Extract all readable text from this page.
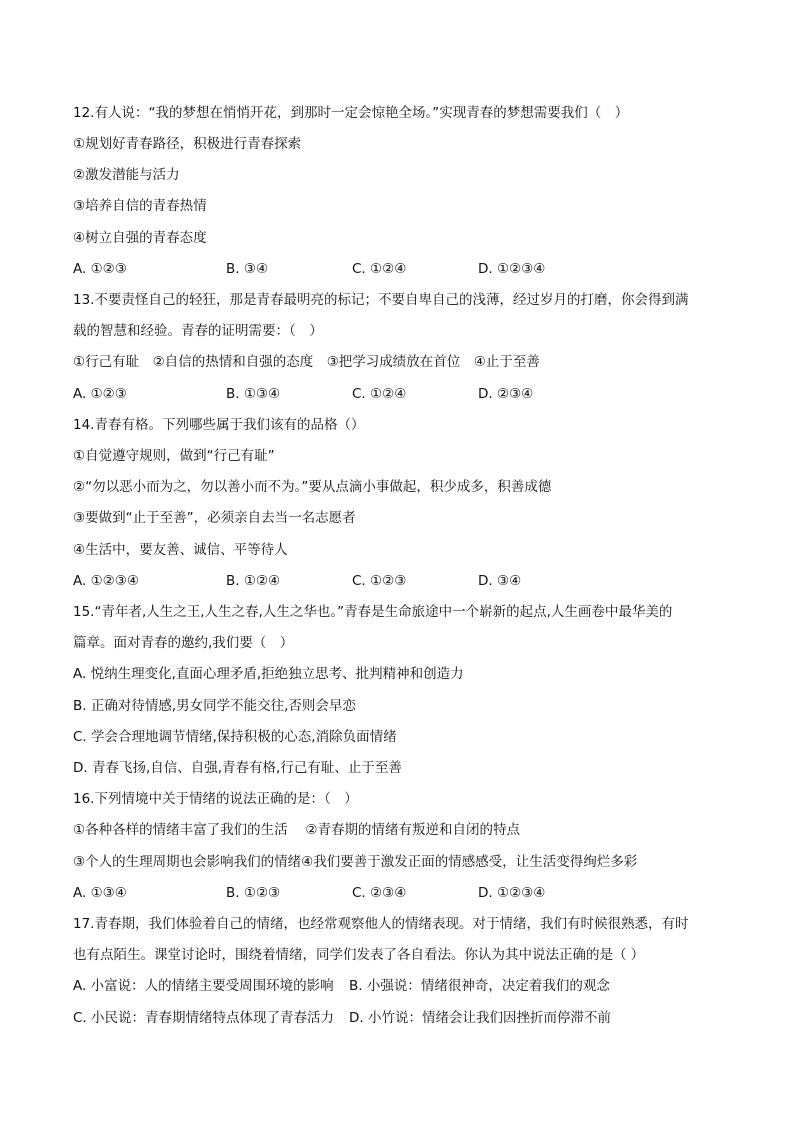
12.有人说：“我的梦想在悄悄开花，到那时一定会惊艳全场。”实现青春的梦想需要我们（　）

①规划好青春路径，积极进行青春探索

②激发潜能与活力

③培养自信的青春热情

④树立自强的青春态度

A. ①②③	B. ③④	C. ①②④	D. ①②③④

13.不要责怪自己的轻狂，那是青春最明亮的标记；不要自卑自己的浅薄，经过岁月的打磨，你会得到满

载的智慧和经验。青春的证明需要：（　）

①行己有耻　②自信的热情和自强的态度　③把学习成绩放在首位　④止于至善

A. ①②③	B. ①③④	C. ①②④	D. ②③④

14.青春有格。下列哪些属于我们该有的品格（）

①自觉遵守规则，做到“行己有耻”

②“勿以恶小而为之，勿以善小而不为。”要从点滴小事做起，积少成多，积善成德

③要做到“止于至善”，必须亲自去当一名志愿者

④生活中，要友善、诚信、平等待人

A. ①②③④	B. ①②④	C. ①②③	D. ③④

15.“青年者,人生之王,人生之春,人生之华也。”青春是生命旅途中一个崭新的起点,人生画卷中最华美的

篇章。面对青春的邀约,我们要（　）

A. 悦纳生理变化,直面心理矛盾,拒绝独立思考、批判精神和创造力

B. 正确对待情感,男女同学不能交往,否则会早恋

C. 学会合理地调节情绪,保持积极的心态,消除负面情绪

D. 青春飞扬,自信、自强,青春有格,行己有耻、止于至善

16.下列情境中关于情绪的说法正确的是：（　）

①各种各样的情绪丰富了我们的生活　 ②青春期的情绪有叛逆和自闭的特点

③个人的生理周期也会影响我们的情绪④我们要善于激发正面的情感感受，让生活变得绚烂多彩

A. ①③④	B. ①②③	C. ②③④	D. ①②③④

17.青春期，我们体验着自己的情绪，也经常观察他人的情绪表现。对于情绪，我们有时候很熟悉，有时

也有点陌生。课堂讨论时，围绕着情绪，同学们发表了各自看法。你认为其中说法正确的是（ ）

A. 小富说：人的情绪主要受周围环境的影响 B. 小强说：情绪很神奇，决定着我们的观念
C. 小民说：青春期情绪特点体现了青春活力 D. 小竹说：情绪会让我们因挫折而停滞不前
